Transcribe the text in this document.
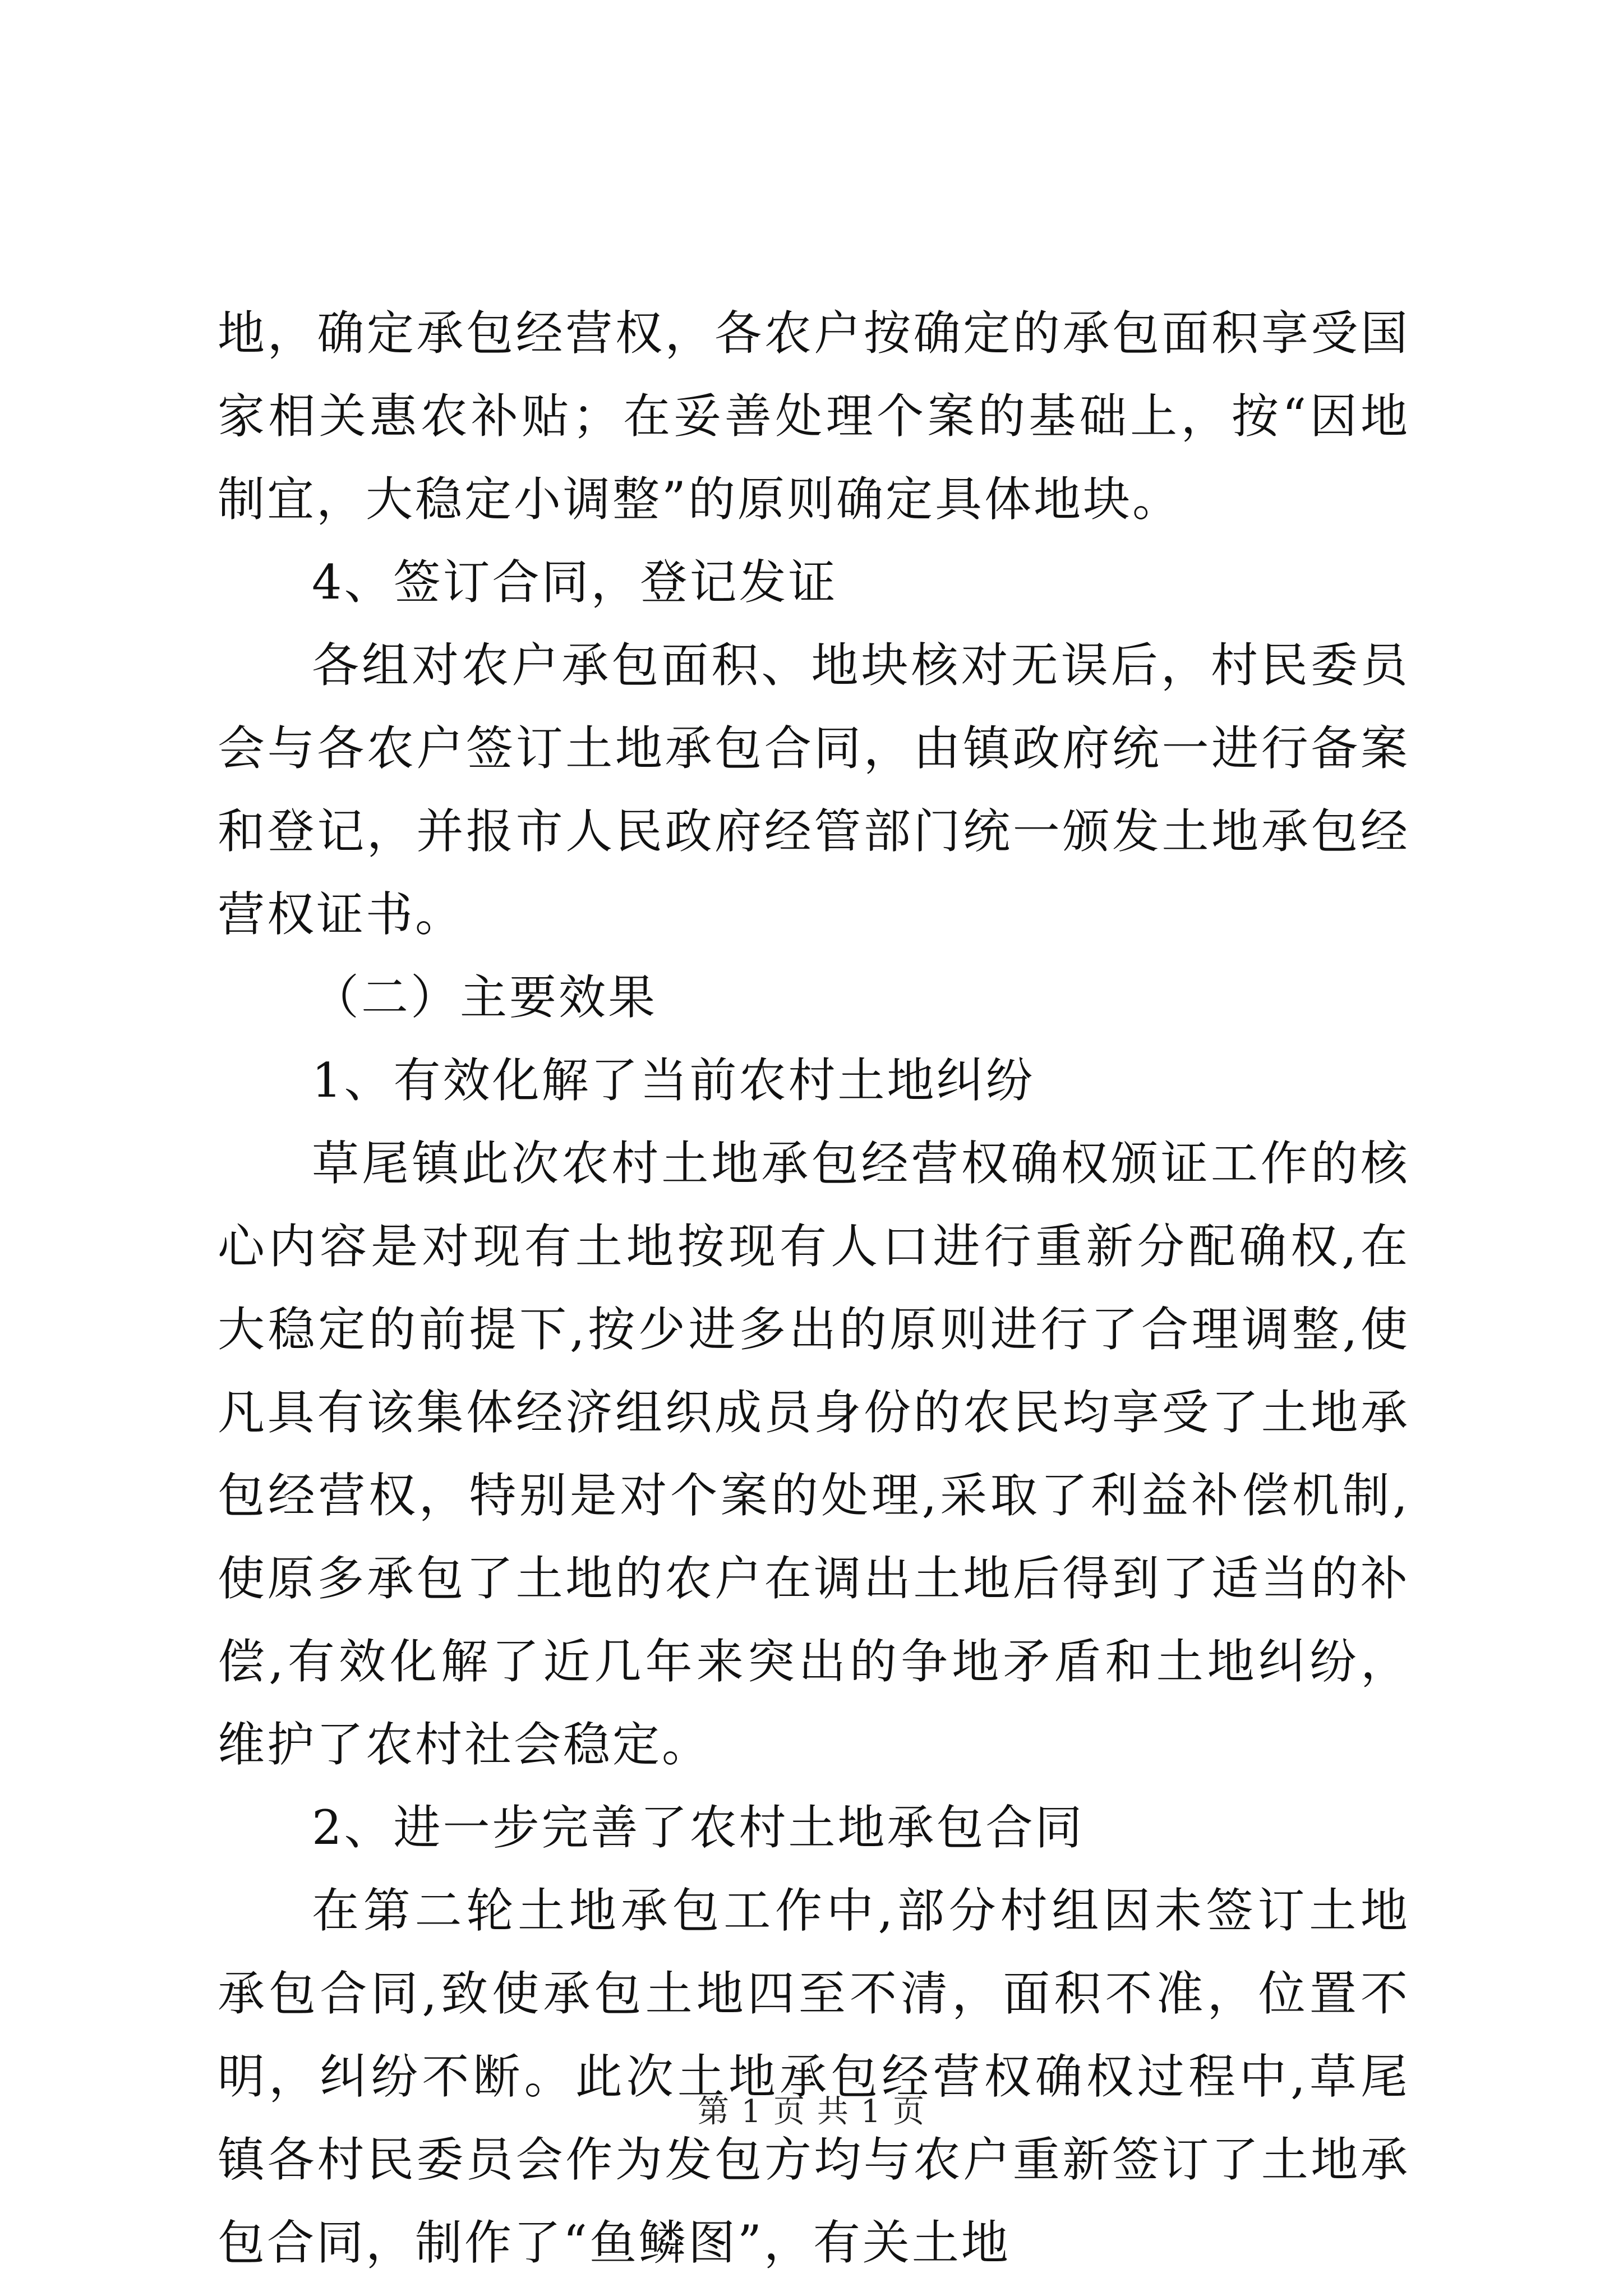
地，确定承包经营权，各农户按确定的承包面积享受国家相关惠农补贴；在妥善处理个案的基础上，按“因地制宜，大稳定小调整”的原则确定具体地块。

4、签订合同，登记发证

各组对农户承包面积、地块核对无误后，村民委员会与各农户签订土地承包合同，由镇政府统一进行备案和登记，并报市人民政府经管部门统一颁发土地承包经营权证书。

（二）主要效果

1、有效化解了当前农村土地纠纷

草尾镇此次农村土地承包经营权确权颁证工作的核心内容是对现有土地按现有人口进行重新分配确权,在大稳定的前提下,按少进多出的原则进行了合理调整,使凡具有该集体经济组织成员身份的农民均享受了土地承包经营权，特别是对个案的处理,采取了利益补偿机制,使原多承包了土地的农户在调出土地后得到了适当的补偿,有效化解了近几年来突出的争地矛盾和土地纠纷，维护了农村社会稳定。

2、进一步完善了农村土地承包合同

在第二轮土地承包工作中,部分村组因未签订土地承包合同,致使承包土地四至不清，面积不准，位置不明，纠纷不断。此次土地承包经营权确权过程中,草尾镇各村民委员会作为发包方均与农户重新签订了土地承包合同，制作了“鱼鳞图”，有关土地

第 1 页 共 1 页
